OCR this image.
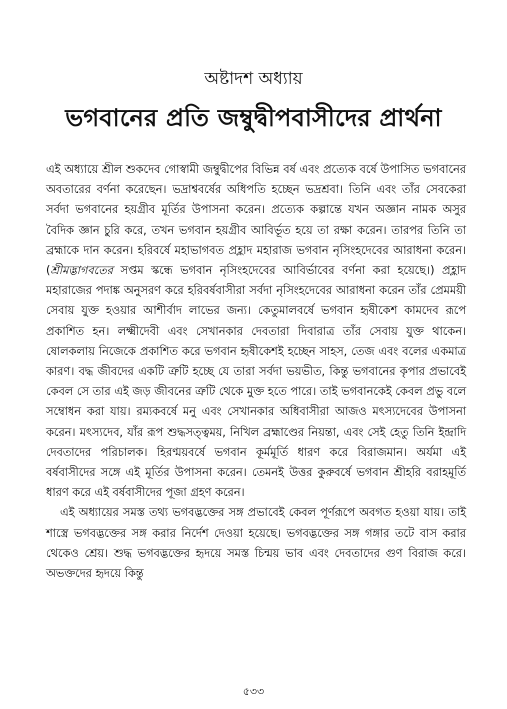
অষ্টাদশ অধ্যায়
ভগবানের প্রতি জম্বুদ্বীপবাসীদের প্রার্থনা

এই অধ্যায়ে শ্রীল শুকদেব গোস্বামী জম্বুদ্বীপের বিভিন্ন বর্ষ এবং প্রত্যেক বর্ষে উপাসিত ভগবানের অবতারের বর্ণনা করেছেন। ভদ্রাশ্ববর্ষের অধিপতি হচ্ছেন ভদ্রশ্রবা। তিনি এবং তাঁর সেবকেরা সর্বদা ভগবানের হয়গ্রীব মূর্তির উপাসনা করেন। প্রত্যেক কল্পান্তে যখন অজ্ঞান নামক অসুর বৈদিক জ্ঞান চুরি করে, তখন ভগবান হয়গ্রীব আবির্ভূত হয়ে তা রক্ষা করেন। তারপর তিনি তা ব্রহ্মাকে দান করেন। হরিবর্ষে মহাভাগবত প্রহ্লাদ মহারাজ ভগবান নৃসিংহদেবের আরাধনা করেন। (শ্রীমদ্ভাগবতের সপ্তম স্কন্ধে ভগবান নৃসিংহদেবের আবির্ভাবের বর্ণনা করা হয়েছে।) প্রহ্লাদ মহারাজের পদাঙ্ক অনুসরণ করে হরিবর্ষবাসীরা সর্বদা নৃসিংহদেবের আরাধনা করেন তাঁর প্রেমময়ী সেবায় যুক্ত হওয়ার আশীর্বাদ লাভের জন্য। কেতুমালবর্ষে ভগবান হৃষীকেশ কামদেব রূপে প্রকাশিত হন। লক্ষ্মীদেবী এবং সেখানকার দেবতারা দিবারাত্র তাঁর সেবায় যুক্ত থাকেন। ষোলকলায় নিজেকে প্রকাশিত করে ভগবান হৃষীকেশই হচ্ছেন সাহস, তেজ এবং বলের একমাত্র কারণ। বদ্ধ জীবদের একটি ত্রুটি হচ্ছে যে তারা সর্বদা ভয়ভীত, কিন্তু ভগবানের কৃপার প্রভাবেই কেবল সে তার এই জড় জীবনের ত্রুটি থেকে মুক্ত হতে পারে। তাই ভগবানকেই কেবল প্রভু বলে সম্বোধন করা যায়। রম্যকবর্ষে মনু এবং সেখানকার অধিবাসীরা আজও মৎস্যদেবের উপাসনা করেন। মৎস্যদেব, যাঁর রূপ শুদ্ধসত্ত্বময়, নিখিল ব্রহ্মাণ্ডের নিয়ন্তা, এবং সেই হেতু তিনি ইন্দ্রাদি দেবতাদের পরিচালক। হিরণ্ময়বর্ষে ভগবান কূর্মমূর্তি ধারণ করে বিরাজমান। অর্যমা এই বর্ষবাসীদের সঙ্গে এই মূর্তির উপাসনা করেন। তেমনই উত্তর কুরুবর্ষে ভগবান শ্রীহরি বরাহমূর্তি ধারণ করে এই বর্ষবাসীদের পূজা গ্রহণ করেন।

এই অধ্যায়ের সমস্ত তথ্য ভগবদ্ভক্তের সঙ্গ প্রভাবেই কেবল পূর্ণরূপে অবগত হওয়া যায়। তাই শাস্ত্রে ভগবদ্ভক্তের সঙ্গ করার নির্দেশ দেওয়া হয়েছে। ভগবদ্ভক্তের সঙ্গ গঙ্গার তটে বাস করার থেকেও শ্রেয়। শুদ্ধ ভগবদ্ভক্তের হৃদয়ে সমস্ত চিন্ময় ভাব এবং দেবতাদের গুণ বিরাজ করে। অভক্তদের হৃদয়ে কিন্তু

৫৩৩
